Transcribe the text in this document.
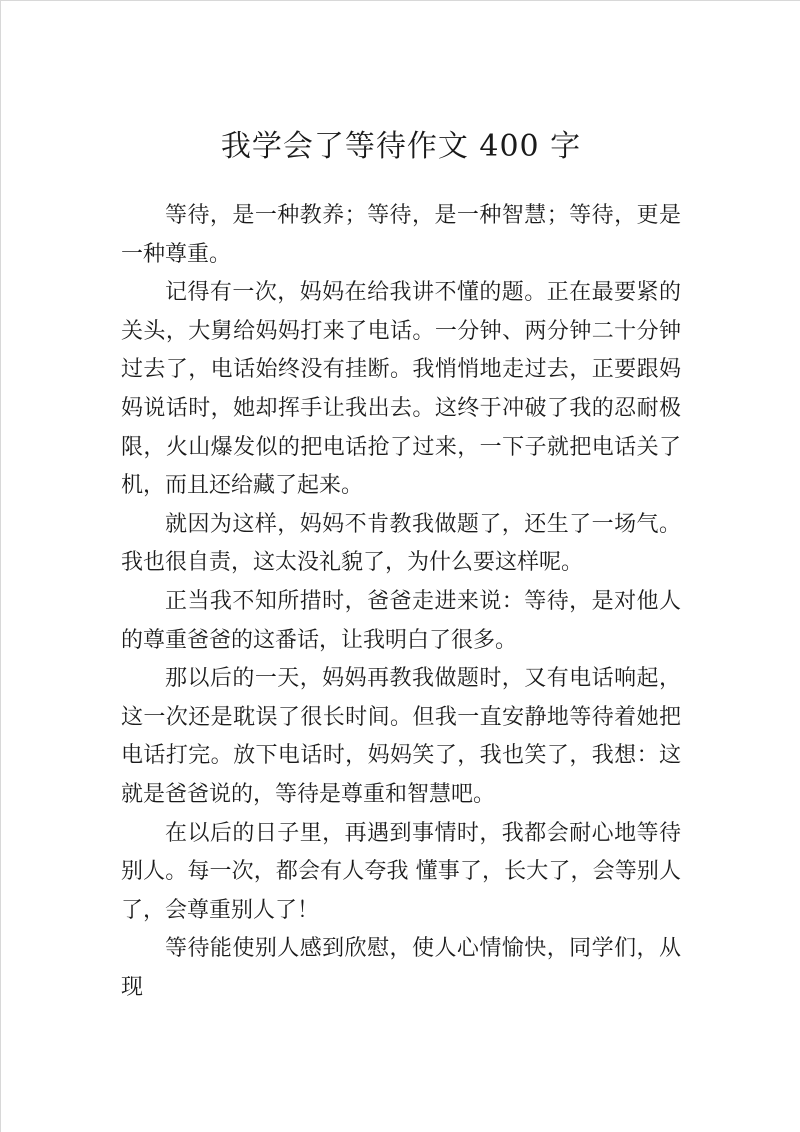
我学会了等待作文 400 字

等待，是一种教养；等待，是一种智慧；等待，更是一种尊重。

记得有一次，妈妈在给我讲不懂的题。正在最要紧的关头，大舅给妈妈打来了电话。一分钟、两分钟二十分钟过去了，电话始终没有挂断。我悄悄地走过去，正要跟妈妈说话时，她却挥手让我出去。这终于冲破了我的忍耐极限，火山爆发似的把电话抢了过来，一下子就把电话关了机，而且还给藏了起来。

就因为这样，妈妈不肯教我做题了，还生了一场气。我也很自责，这太没礼貌了，为什么要这样呢。

正当我不知所措时，爸爸走进来说：等待，是对他人的尊重爸爸的这番话，让我明白了很多。

那以后的一天，妈妈再教我做题时，又有电话响起，这一次还是耽误了很长时间。但我一直安静地等待着她把电话打完。放下电话时，妈妈笑了，我也笑了，我想：这就是爸爸说的，等待是尊重和智慧吧。

在以后的日子里，再遇到事情时，我都会耐心地等待别人。每一次，都会有人夸我 懂事了，长大了，会等别人了，会尊重别人了！

等待能使别人感到欣慰，使人心情愉快，同学们，从现
